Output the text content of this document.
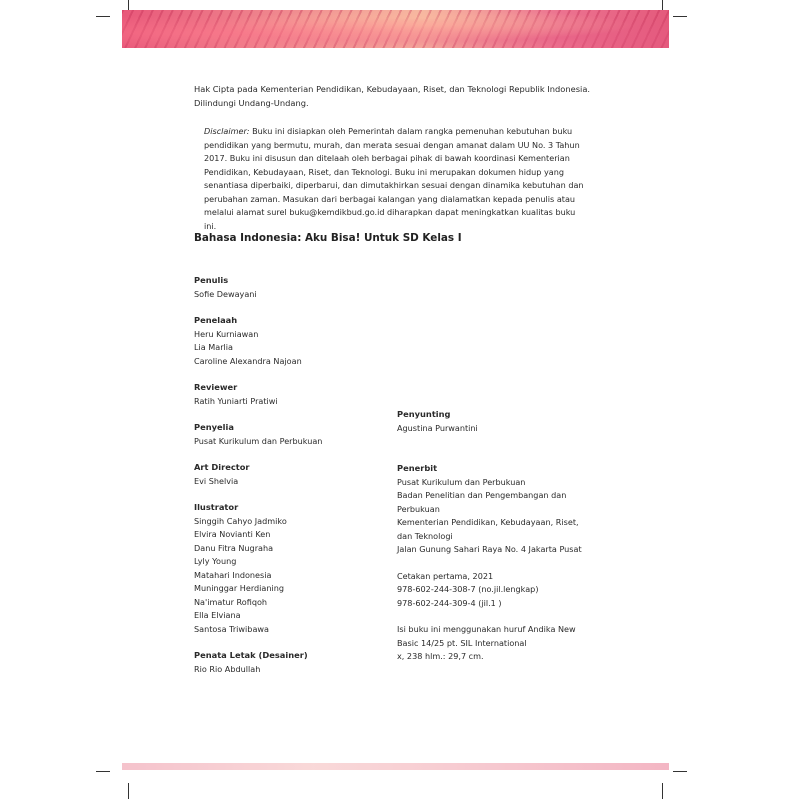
Hak Cipta pada Kementerian Pendidikan, Kebudayaan, Riset, dan Teknologi Republik Indonesia.
Dilindungi Undang-Undang.

Disclaimer: Buku ini disiapkan oleh Pemerintah dalam rangka pemenuhan kebutuhan buku pendidikan yang bermutu, murah, dan merata sesuai dengan amanat dalam UU No. 3 Tahun 2017. Buku ini disusun dan ditelaah oleh berbagai pihak di bawah koordinasi Kementerian Pendidikan, Kebudayaan, Riset, dan Teknologi. Buku ini merupakan dokumen hidup yang senantiasa diperbaiki, diperbarui, dan dimutakhirkan sesuai dengan dinamika kebutuhan dan perubahan zaman. Masukan dari berbagai kalangan yang dialamatkan kepada penulis atau melalui alamat surel buku@kemdikbud.go.id diharapkan dapat meningkatkan kualitas buku ini.

Bahasa Indonesia: Aku Bisa! Untuk SD Kelas I

Penulis

Sofie Dewayani

Penelaah

Heru Kurniawan

Lia Marlia

Caroline Alexandra Najoan

Reviewer

Ratih Yuniarti Pratiwi

Penyelia

Pusat Kurikulum dan Perbukuan

Art Director

Evi Shelvia

Ilustrator

Singgih Cahyo Jadmiko

Elvira Novianti Ken

Danu Fitra Nugraha

Lyly Young

Matahari Indonesia

Muninggar Herdianing

Na'imatur Rofiqoh

Ella Elviana

Santosa Triwibawa

Penata Letak (Desainer)

Rio Rio Abdullah

Penyunting

Agustina Purwantini

Penerbit

Pusat Kurikulum dan Perbukuan

Badan Penelitian dan Pengembangan dan

Perbukuan

Kementerian Pendidikan, Kebudayaan, Riset,

dan Teknologi

Jalan Gunung Sahari Raya No. 4 Jakarta Pusat

Cetakan pertama, 2021

978-602-244-308-7 (no.jil.lengkap)

978-602-244-309-4 (jil.1 )

Isi buku ini menggunakan huruf Andika New

Basic 14/25 pt. SIL International

x, 238 hlm.: 29,7 cm.
